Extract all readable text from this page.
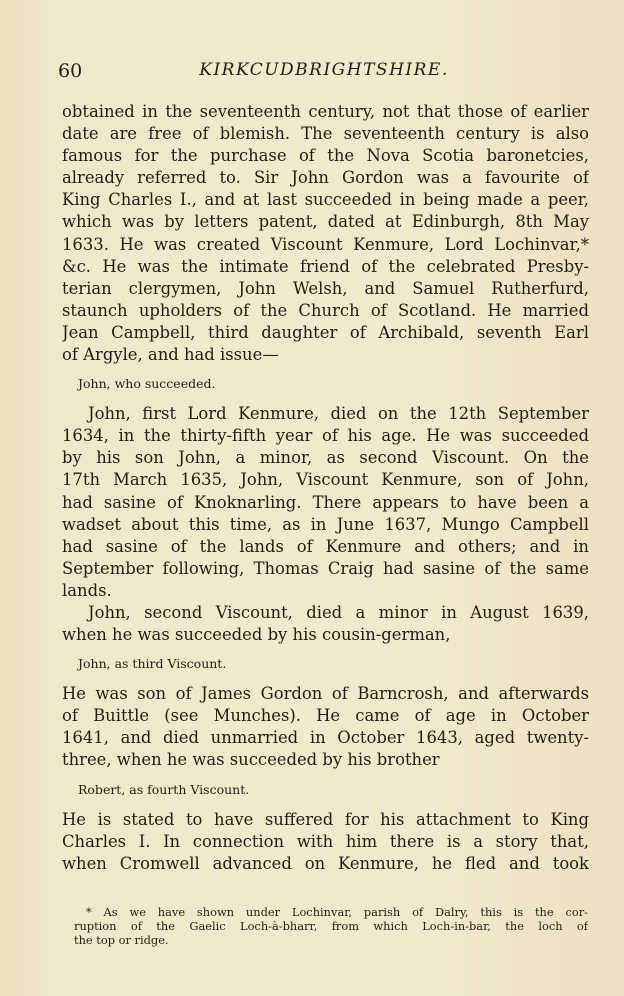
60	KIRKCUDBRIGHTSHIRE.
obtained in the seventeenth century, not that those of earlier
date are free of blemish. The seventeenth century is also
famous for the purchase of the Nova Scotia baronetcies,
already referred to. Sir John Gordon was a favourite of
King Charles I., and at last succeeded in being made a peer,
which was by letters patent, dated at Edinburgh, 8th May
1633. He was created Viscount Kenmure, Lord Lochinvar,*
&c. He was the intimate friend of the celebrated Presby-
terian clergymen, John Welsh, and Samuel Rutherfurd,
staunch upholders of the Church of Scotland. He married
Jean Campbell, third daughter of Archibald, seventh Earl
of Argyle, and had issue—
John, who succeeded.
John, first Lord Kenmure, died on the 12th September
1634, in the thirty-fifth year of his age. He was succeeded
by his son John, a minor, as second Viscount. On the
17th March 1635, John, Viscount Kenmure, son of John,
had sasine of Knoknarling. There appears to have been a
wadset about this time, as in June 1637, Mungo Campbell
had sasine of the lands of Kenmure and others; and in
September following, Thomas Craig had sasine of the same
lands.
John, second Viscount, died a minor in August 1639,
when he was succeeded by his cousin-german,
John, as third Viscount.
He was son of James Gordon of Barncrosh, and afterwards
of Buittle (see Munches). He came of age in October
1641, and died unmarried in October 1643, aged twenty-
three, when he was succeeded by his brother
Robert, as fourth Viscount.
He is stated to have suffered for his attachment to King
Charles I. In connection with him there is a story that,
when Cromwell advanced on Kenmure, he fled and took
* As we have shown under Lochinvar, parish of Dalry, this is the cor-
ruption of the Gaelic Loch-à-bharr, from which Loch-in-bar, the loch of
the top or ridge.
